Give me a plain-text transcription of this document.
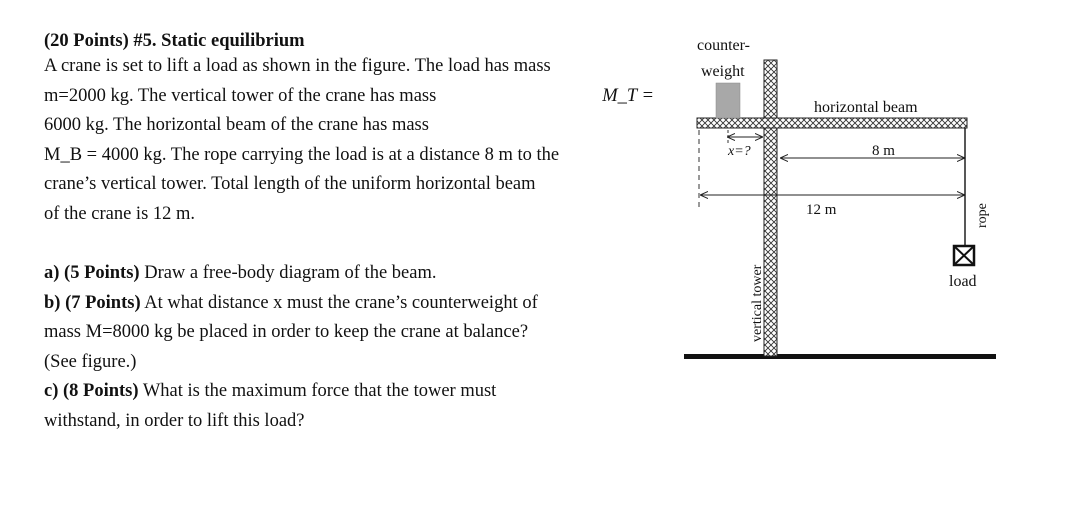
(20 Points) #5. Static equilibrium

A crane is set to lift a load as shown in the figure. The load has mass

m=2000 kg. The vertical tower of the crane has mass	M_T =

6000 kg. The horizontal beam of the crane has mass

M_B = 4000 kg. The rope carrying the load is at a distance 8 m to the

crane’s vertical tower. Total length of the uniform horizontal beam

of the crane is 12 m.

a) (5 Points) Draw a free-body diagram of the beam.

b) (7 Points) At what distance x must the crane’s counterweight of

mass M=8000 kg be placed in order to keep the crane at balance?

(See figure.)

c) (8 Points) What is the maximum force that the tower must

withstand, in order to lift this load?

x=?	8 m
12 m	rope
load
counter-
weight
horizontal beam
vertical tower
